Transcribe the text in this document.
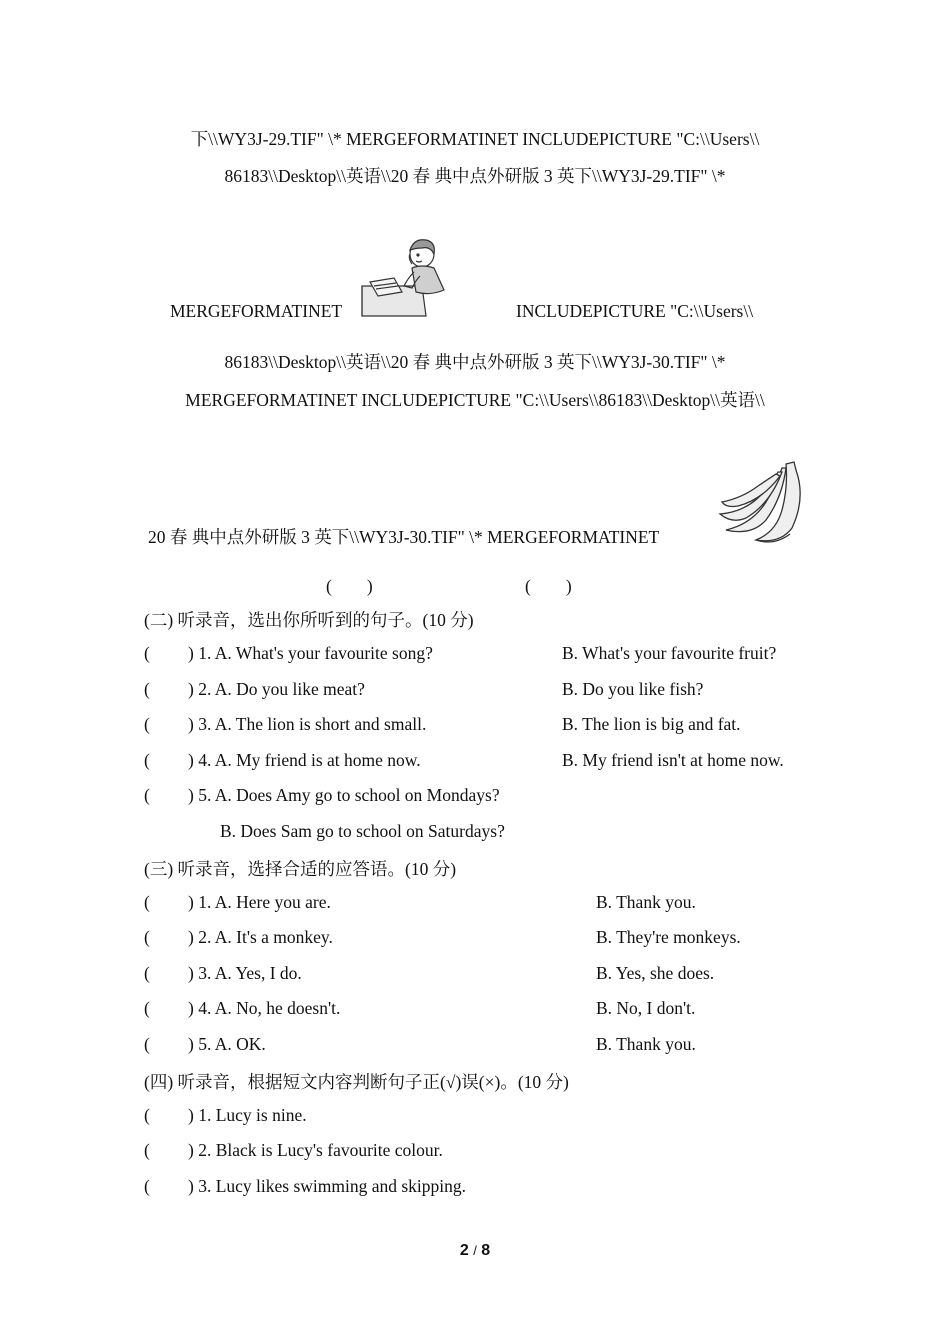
下\\WY3J-29.TIF" \* MERGEFORMATINET INCLUDEPICTURE "C:\\Users\\
86183\\Desktop\\英语\\20 春 典中点外研版 3 英下\\WY3J-29.TIF" \*
MERGEFORMATINET	INCLUDEPICTURE "C:\\Users\\
86183\\Desktop\\英语\\20 春 典中点外研版 3 英下\\WY3J-30.TIF" \*
MERGEFORMATINET INCLUDEPICTURE "C:\\Users\\86183\\Desktop\\英语\\
20 春 典中点外研版 3 英下\\WY3J-30.TIF" \* MERGEFORMATINET
(　　)	(　　)
(二) 听录音，选出你所听到的句子。(10 分)
( ) 1. A. What's your favourite song?	B. What's your favourite fruit?
( ) 2. A. Do you like meat?	B. Do you like fish?
( ) 3. A. The lion is short and small.	B. The lion is big and fat.
( ) 4. A. My friend is at home now.	B. My friend isn't at home now.
( ) 5. A. Does Amy go to school on Mondays?
B. Does Sam go to school on Saturdays?
(三) 听录音，选择合适的应答语。(10 分)
( ) 1. A. Here you are.	B. Thank you.
( ) 2. A. It's a monkey.	B. They're monkeys.
( ) 3. A. Yes, I do.	B. Yes, she does.
( ) 4. A. No, he doesn't.	B. No, I don't.
( ) 5. A. OK.	B. Thank you.
(四) 听录音，根据短文内容判断句子正(√)误(×)。(10 分)
( ) 1. Lucy is nine.
( ) 2. Black is Lucy's favourite colour.
( ) 3. Lucy likes swimming and skipping.
2 / 8
